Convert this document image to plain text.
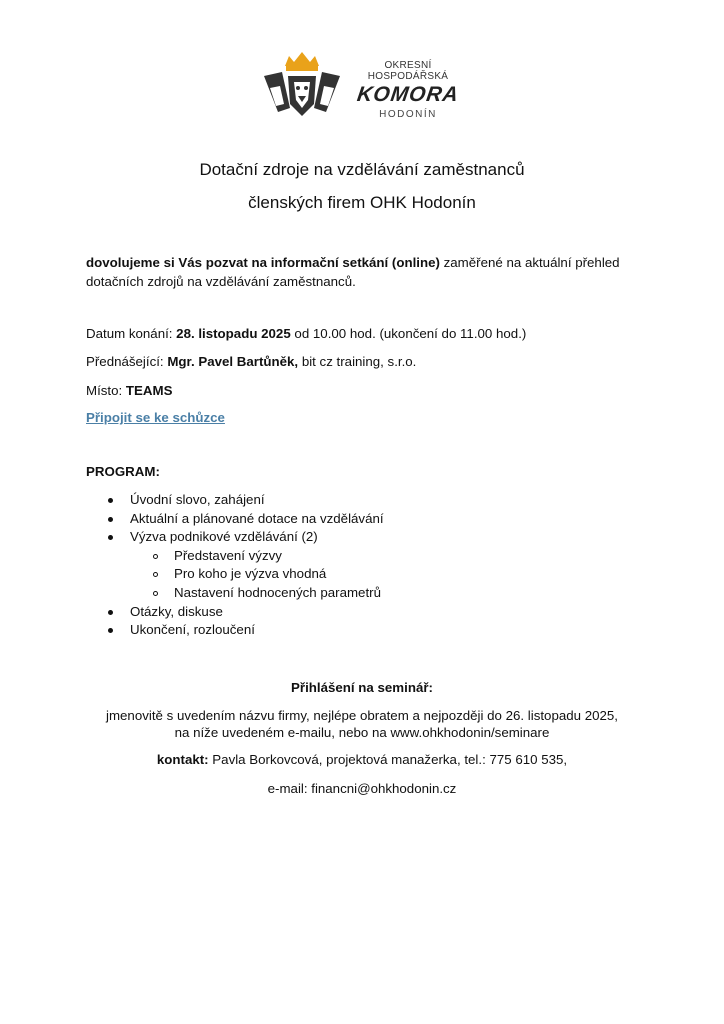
OKRESNÍ HOSPODÁŘSKÁ
KOMORA
HODONÍN
Dotační zdroje na vzdělávání zaměstnanců
členských firem OHK Hodonín
dovolujeme si Vás pozvat na informační setkání (online) zaměřené na aktuální přehled dotačních zdrojů na vzdělávání zaměstnanců.
Datum konání: 28. listopadu 2025 od 10.00 hod. (ukončení do 11.00 hod.)
Přednášející: Mgr. Pavel Bartůněk, bit cz training, s.r.o.
Místo: TEAMS
Připojit se ke schůzce
PROGRAM:
Úvodní slovo, zahájení
Aktuální a plánované dotace na vzdělávání
Výzva podnikové vzdělávání (2)
Představení výzvy
Pro koho je výzva vhodná
Nastavení hodnocených parametrů
Otázky, diskuse
Ukončení, rozloučení
Přihlášení na seminář:
jmenovitě s uvedením názvu firmy, nejlépe obratem a nejpozději do 26. listopadu 2025,
na níže uvedeném e-mailu, nebo na www.ohkhodonin/seminare
kontakt: Pavla Borkovcová, projektová manažerka, tel.: 775 610 535,
e-mail: financni@ohkhodonin.cz
